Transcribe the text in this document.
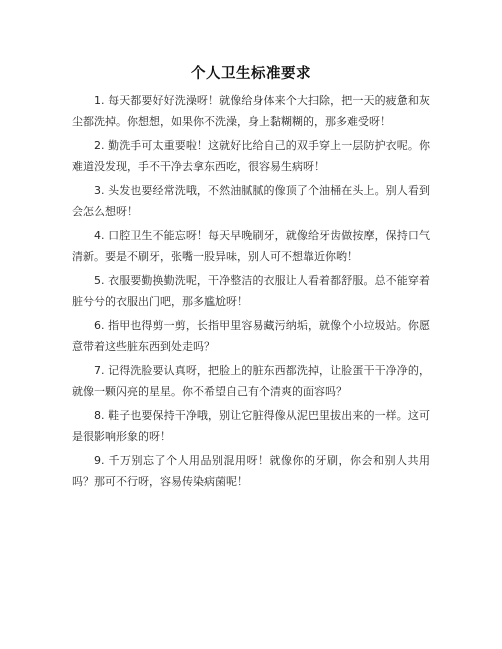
个人卫生标准要求

1. 每天都要好好洗澡呀！就像给身体来个大扫除，把一天的疲惫和灰尘都洗掉。你想想，如果你不洗澡，身上黏糊糊的，那多难受呀！

2. 勤洗手可太重要啦！这就好比给自己的双手穿上一层防护衣呢。你难道没发现，手不干净去拿东西吃，很容易生病呀！

3. 头发也要经常洗哦，不然油腻腻的像顶了个油桶在头上。别人看到会怎么想呀！

4. 口腔卫生不能忘呀！每天早晚刷牙，就像给牙齿做按摩，保持口气清新。要是不刷牙，张嘴一股异味，别人可不想靠近你哟！

5. 衣服要勤换勤洗呢，干净整洁的衣服让人看着都舒服。总不能穿着脏兮兮的衣服出门吧，那多尴尬呀！

6. 指甲也得剪一剪，长指甲里容易藏污纳垢，就像个小垃圾站。你愿意带着这些脏东西到处走吗？

7. 记得洗脸要认真呀，把脸上的脏东西都洗掉，让脸蛋干干净净的，就像一颗闪亮的星星。你不希望自己有个清爽的面容吗？

8. 鞋子也要保持干净哦，别让它脏得像从泥巴里拔出来的一样。这可是很影响形象的呀！

9. 千万别忘了个人用品别混用呀！就像你的牙刷，你会和别人共用吗？那可不行呀，容易传染病菌呢！
